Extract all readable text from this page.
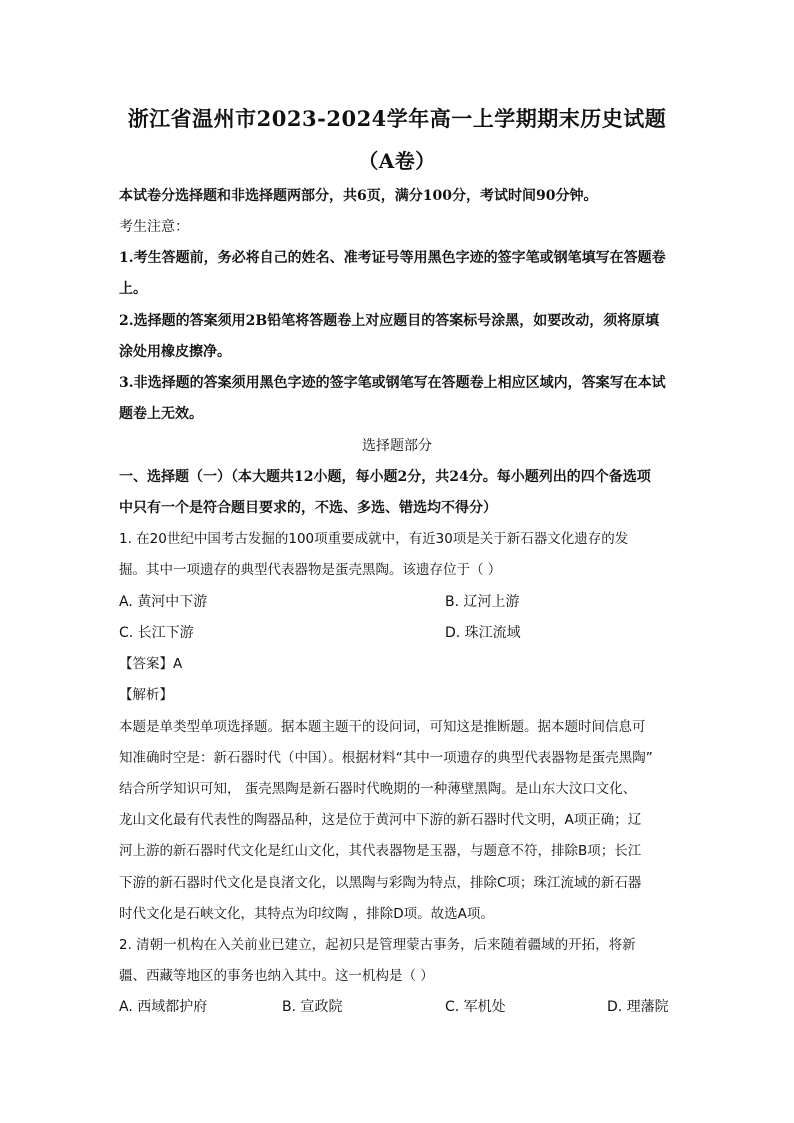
浙江省温州市2023-2024学年高一上学期期末历史试题
（A卷）
本试卷分选择题和非选择题两部分，共6页，满分100分，考试时间90分钟。
考生注意：
1.考生答题前，务必将自己的姓名、准考证号等用黑色字迹的签字笔或钢笔填写在答题卷
上。
2.选择题的答案须用2B铅笔将答题卷上对应题目的答案标号涂黑，如要改动，须将原填
涂处用橡皮擦净。
3.非选择题的答案须用黑色字迹的签字笔或钢笔写在答题卷上相应区域内，答案写在本试
题卷上无效。
选择题部分
一、选择题（一）（本大题共12小题，每小题2分，共24分。每小题列出的四个备选项
中只有一个是符合题目要求的，不选、多选、错选均不得分）
1. 在20世纪中国考古发掘的100项重要成就中，有近30项是关于新石器文化遗存的发
掘。其中一项遗存的典型代表器物是蛋壳黑陶。该遗存位于（ ）
A. 黄河中下游	B. 辽河上游
C. 长江下游	D. 珠江流域
【答案】A
【解析】
本题是单类型单项选择题。据本题主题干的设问词，可知这是推断题。据本题时间信息可
知准确时空是：新石器时代（中国）。根据材料“其中一项遗存的典型代表器物是蛋壳黑陶”
结合所学知识可知， 蛋壳黑陶是新石器时代晚期的一种薄壁黑陶。是山东大汶口文化、
龙山文化最有代表性的陶器品种，这是位于黄河中下游的新石器时代文明，A项正确；辽
河上游的新石器时代文化是红山文化，其代表器物是玉器，与题意不符，排除B项；长江
下游的新石器时代文化是良渚文化，以黑陶与彩陶为特点，排除C项；珠江流域的新石器
时代文化是石峡文化，其特点为印纹陶 ，排除D项。故选A项。
2. 清朝一机构在入关前业已建立，起初只是管理蒙古事务，后来随着疆域的开拓，将新
疆、西藏等地区的事务也纳入其中。这一机构是（ ）
A. 西域都护府	B. 宣政院	C. 军机处	D. 理藩院
